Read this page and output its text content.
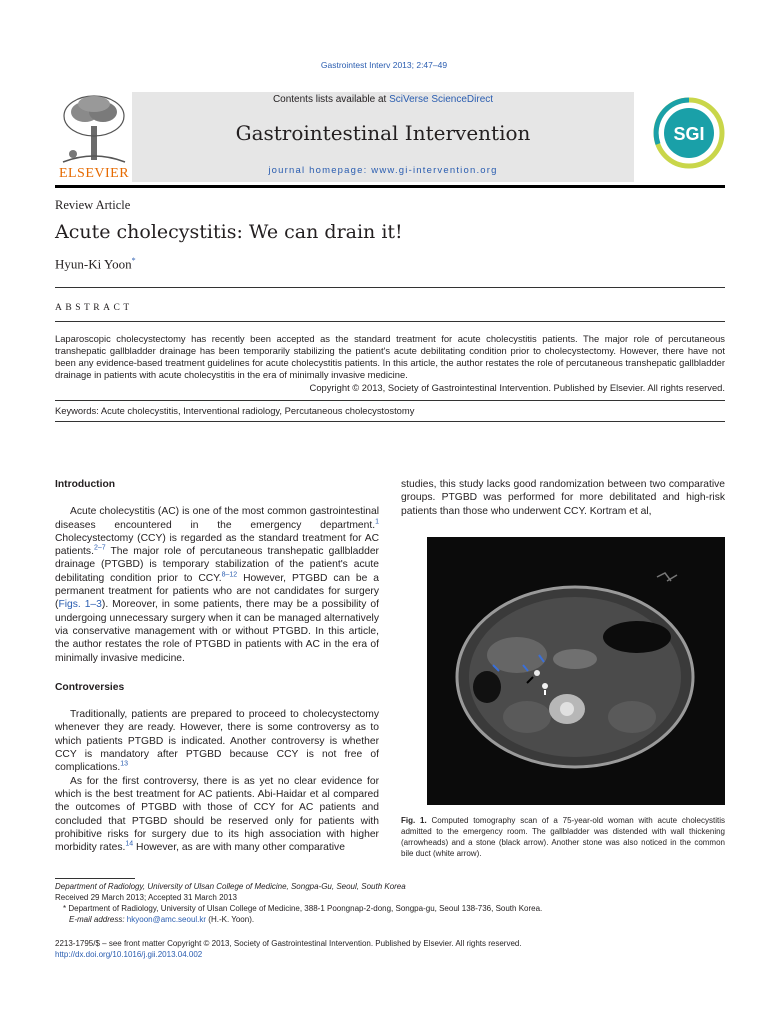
Gastrointest Interv 2013; 2:47–49
ELSEVIER
Contents lists available at SciVerse ScienceDirect
Gastrointestinal Intervention
journal homepage: www.gi-intervention.org
SGI
Review Article
Acute cholecystitis: We can drain it!
Hyun-Ki Yoon*
ABSTRACT
Laparoscopic cholecystectomy has recently been accepted as the standard treatment for acute cholecystitis patients. The major role of percutaneous transhepatic gallbladder drainage has been temporarily stabilizing the patient's acute debilitating condition prior to cholecystectomy. However, there have not been any evidence-based treatment guidelines for acute cholecystitis patients. In this article, the author restates the role of percutaneous transhepatic gallbladder drainage in patients with acute cholecystitis in the era of minimally invasive medicine.
Copyright © 2013, Society of Gastrointestinal Intervention. Published by Elsevier. All rights reserved.
Keywords: Acute cholecystitis, Interventional radiology, Percutaneous cholecystostomy
Introduction

Acute cholecystitis (AC) is one of the most common gastrointestinal diseases encountered in the emergency department.$^1$ Cholecystectomy (CCY) is regarded as the standard treatment for AC patients.$^{2-7}$ The major role of percutaneous transhepatic gallbladder drainage (PTGBD) is temporary stabilization of the patient's acute debilitating condition prior to CCY.$^{8-12}$ However, PTGBD can be a permanent treatment for patients who are not candidates for surgery (Figs. 1–3). Moreover, in some patients, there may be a possibility of undergoing unnecessary surgery when it can be managed alternatively via conservative management with or without PTGBD. In this article, the author restates the role of PTGBD in patients with AC in the era of minimally invasive medicine.

Controversies

Traditionally, patients are prepared to proceed to cholecystectomy whenever they are ready. However, there is some controversy as to which patients PTGBD is indicated. Another controversy is whether CCY is mandatory after PTGBD because CCY is not free of complications.$^{13}$

As for the first controversy, there is as yet no clear evidence for which is the best treatment for AC patients. Abi-Haidar et al compared the outcomes of PTGBD with those of CCY for AC patients and concluded that PTGBD should be reserved only for patients with prohibitive risks for surgery due to its high association with higher morbidity rates.$^{14}$ However, as are with many other comparative

studies, this study lacks good randomization between two comparative groups. PTGBD was performed for more debilitated and high-risk patients than those who underwent CCY. Kortram et al,
Fig. 1. Computed tomography scan of a 75-year-old woman with acute cholecystitis admitted to the emergency room. The gallbladder was distended with wall thickening (arrowheads) and a stone (black arrow). Another stone was also noticed in the common bile duct (white arrow).
Department of Radiology, University of Ulsan College of Medicine, Songpa-Gu, Seoul, South Korea
Received 29 March 2013; Accepted 31 March 2013
* Department of Radiology, University of Ulsan College of Medicine, 388-1 Poongnap-2-dong, Songpa-gu, Seoul 138-736, South Korea.
E-mail address: hkyoon@amc.seoul.kr (H.-K. Yoon).
2213-1795/$ – see front matter Copyright © 2013, Society of Gastrointestinal Intervention. Published by Elsevier. All rights reserved.
http://dx.doi.org/10.1016/j.gii.2013.04.002
